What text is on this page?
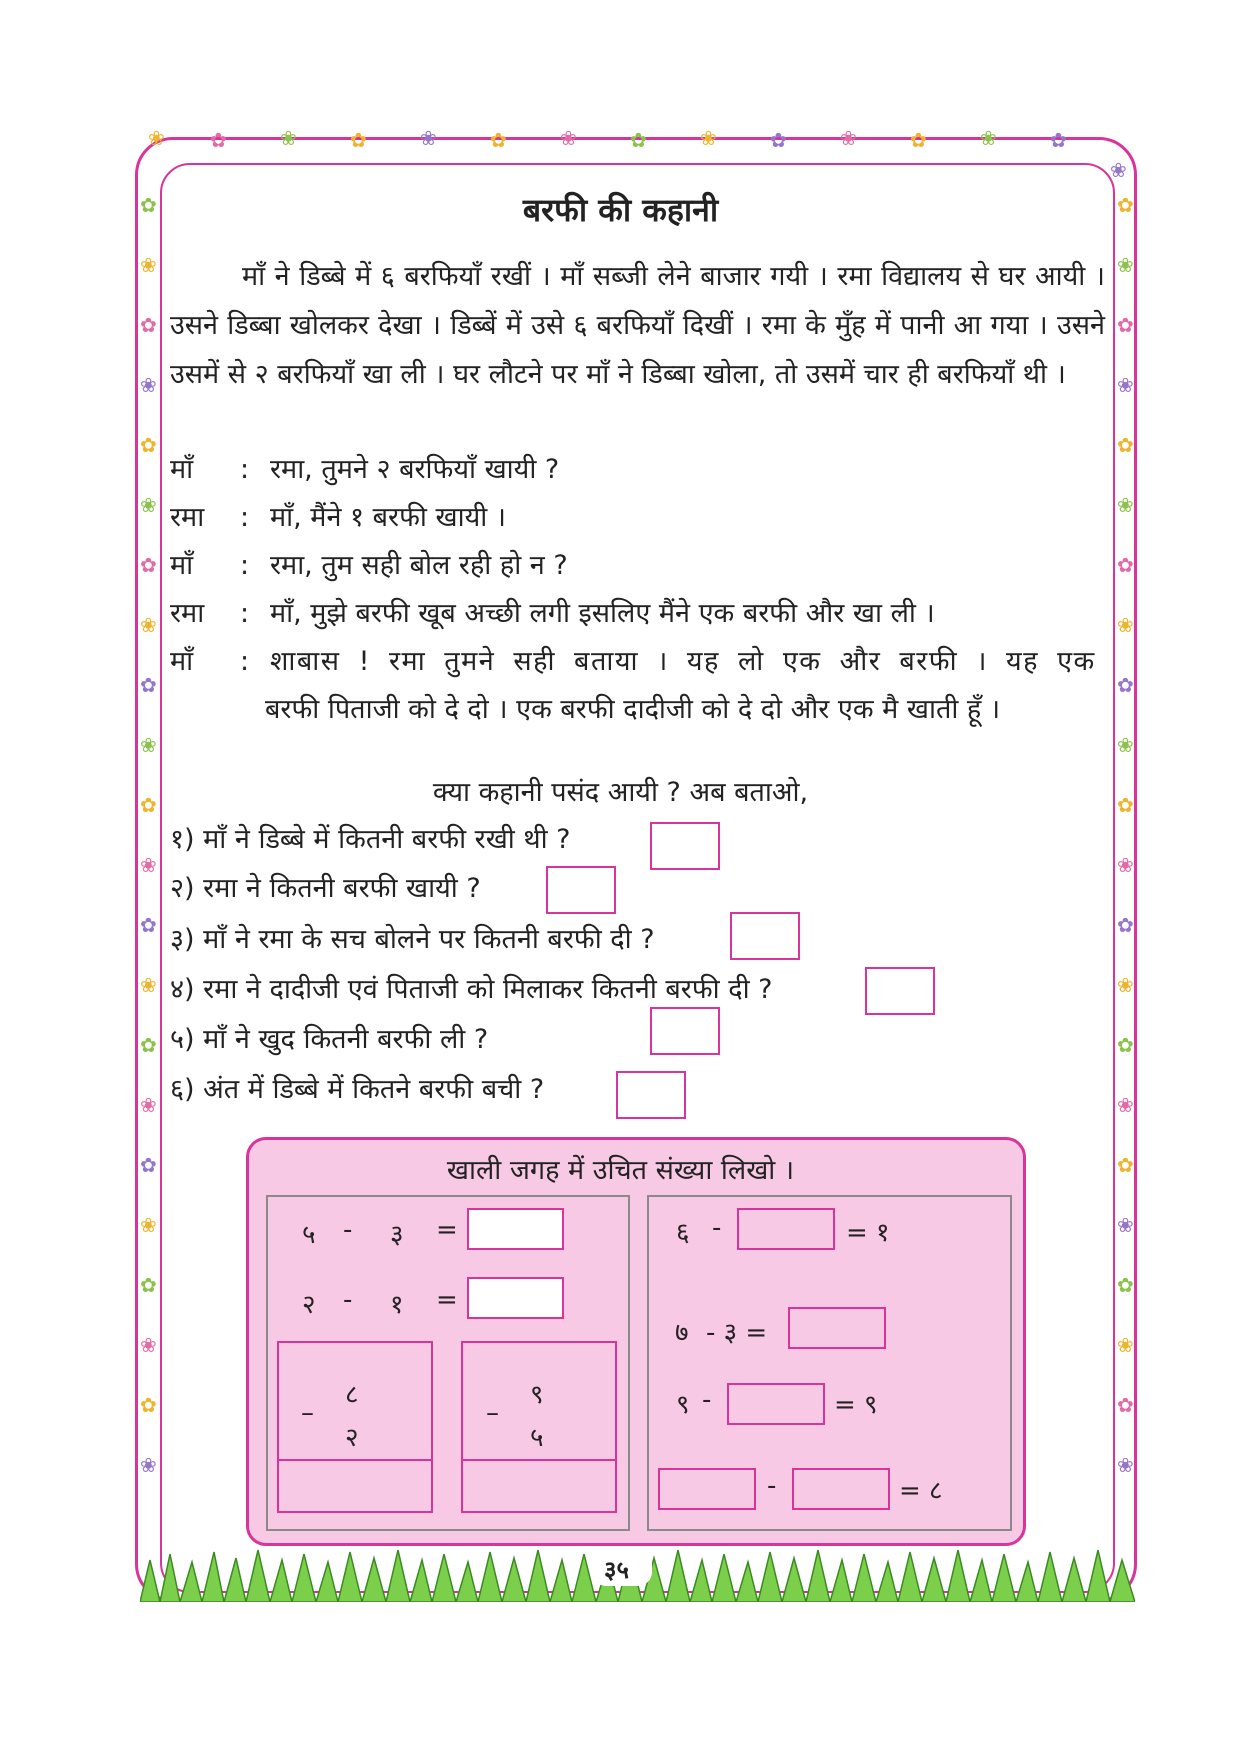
❀ ✿	❀	✿	❀	✿	❀	✿	❀	✿	❀	✿	❀	✿
❀
✿
❀
✿
❀
✿
❀
✿
❀
✿
❀
✿
❀
✿
❀
✿
❀
✿
❀
✿
❀
✿
❀
✿
❀
✿
❀
✿
❀
✿
❀
✿
❀
✿
❀
✿
❀
✿
❀
✿
❀
✿
❀
✿
❀
बरफी की कहानी

माँ ने डिब्बे में ६ बरफियाँ रखीं । माँ सब्जी लेने बाजार गयी । रमा विद्यालय से घर आयी । उसने डिब्बा खोलकर देखा । डिब्बें में उसे ६ बरफियाँ दिखीं । रमा के मुँह में पानी आ गया । उसने उसमें से २ बरफियाँ खा ली । घर लौटने पर माँ ने डिब्बा खोला, तो उसमें चार ही बरफियाँ थी ।

माँ : रमा, तुमने २ बरफियाँ खायी ?
रमा : माँ, मैंने १ बरफी खायी ।
माँ : रमा, तुम सही बोल रही हो न ?
रमा : माँ, मुझे बरफी खूब अच्छी लगी इसलिए मैंने एक बरफी और खा ली ।
माँ : शाबास ! रमा तुमने सही बताया । यह लो एक और बरफी । यह एक
बरफी पिताजी को दे दो । एक बरफी दादीजी को दे दो और एक मै खाती हूँ ।
क्या कहानी पसंद आयी ? अब बताओ,
१) माँ ने डिब्बे में कितनी बरफी रखी थी ?
२) रमा ने कितनी बरफी खायी ?
३) माँ ने रमा के सच बोलने पर कितनी बरफी दी ?
४) रमा ने दादीजी एवं पिताजी को मिलाकर कितनी बरफी दी ?
५) माँ ने खुद कितनी बरफी ली ?
६) अंत में डिब्बे में कितने बरफी बची ?
खाली जगह में उचित संख्या लिखो ।
५ - ३ =
२ - १ =
८
–
२
९
–
५
६ -	= १
७ - ३ =
९ -	= ९
-	= ८
३५
